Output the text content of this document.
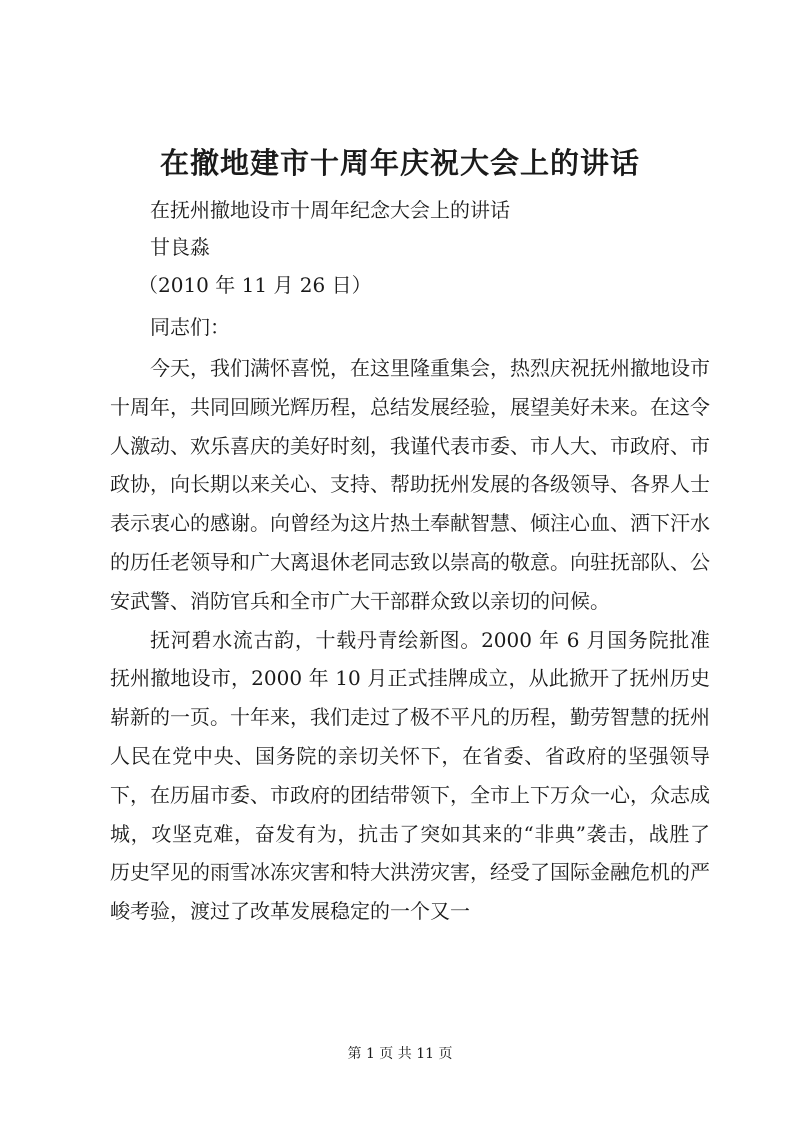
在撤地建市十周年庆祝大会上的讲话
在抚州撤地设市十周年纪念大会上的讲话
甘良淼
（2010 年 11 月 26 日）
同志们：

今天，我们满怀喜悦，在这里隆重集会，热烈庆祝抚州撤地设市十周年，共同回顾光辉历程，总结发展经验，展望美好未来。在这令人激动、欢乐喜庆的美好时刻，我谨代表市委、市人大、市政府、市政协，向长期以来关心、支持、帮助抚州发展的各级领导、各界人士表示衷心的感谢。向曾经为这片热土奉献智慧、倾注心血、洒下汗水的历任老领导和广大离退休老同志致以崇高的敬意。向驻抚部队、公安武警、消防官兵和全市广大干部群众致以亲切的问候。

抚河碧水流古韵，十载丹青绘新图。2000 年 6 月国务院批准抚州撤地设市，2000 年 10 月正式挂牌成立，从此掀开了抚州历史崭新的一页。十年来，我们走过了极不平凡的历程，勤劳智慧的抚州人民在党中央、国务院的亲切关怀下，在省委、省政府的坚强领导下，在历届市委、市政府的团结带领下，全市上下万众一心，众志成城，攻坚克难，奋发有为，抗击了突如其来的“非典”袭击，战胜了历史罕见的雨雪冰冻灾害和特大洪涝灾害，经受了国际金融危机的严峻考验，渡过了改革发展稳定的一个又一

第 1 页 共 11 页
